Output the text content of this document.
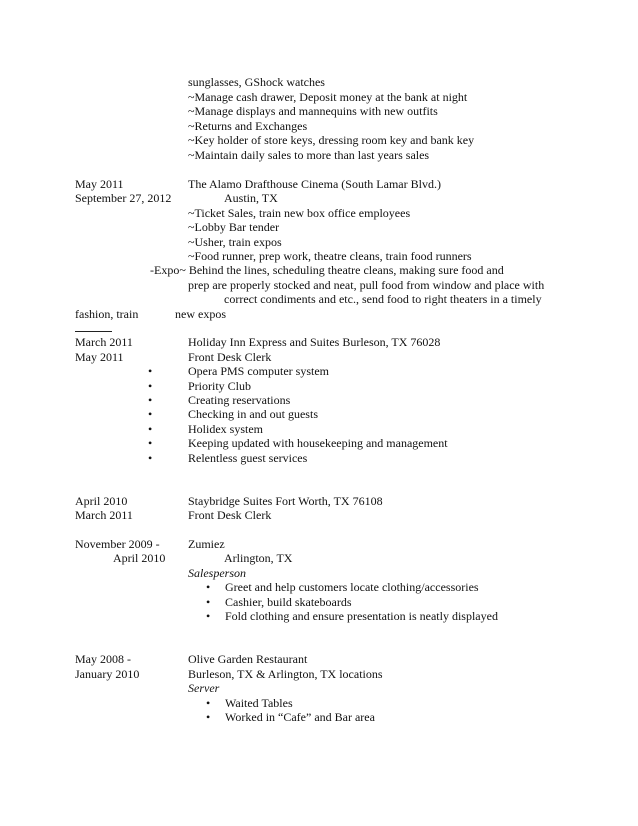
sunglasses, GShock watches
~Manage cash drawer, Deposit money at the bank at night
~Manage displays and mannequins with new outfits
~Returns and Exchanges
~Key holder of store keys, dressing room key and bank key
~Maintain daily sales to more than last years sales
May 2011	The Alamo Drafthouse Cinema (South Lamar Blvd.)
September 27, 2012	Austin, TX
~Ticket Sales, train new box office employees
~Lobby Bar tender
~Usher, train expos
~Food runner, prep work, theatre cleans, train food runners
-Expo~ Behind the lines, scheduling theatre cleans, making sure food and
prep are properly stocked and neat, pull food from window and place with
correct condiments and etc., send food to right theaters in a timely
fashion, train	new expos
March 2011	Holiday Inn Express and Suites Burleson, TX 76028
May 2011	Front Desk Clerk
•	Opera PMS computer system
•	Priority Club
•	Creating reservations
•	Checking in and out guests
•	Holidex system
•	Keeping updated with housekeeping and management
•	Relentless guest services
April 2010	Staybridge Suites Fort Worth, TX 76108
March 2011	Front Desk Clerk
November 2009 - Zumiez
April 2010	Arlington, TX
Salesperson
• Greet and help customers locate clothing/accessories
• Cashier, build skateboards
• Fold clothing and ensure presentation is neatly displayed
May 2008 -	Olive Garden Restaurant
January 2010	Burleson, TX & Arlington, TX locations
Server
• Waited Tables
• Worked in “Cafe” and Bar area
